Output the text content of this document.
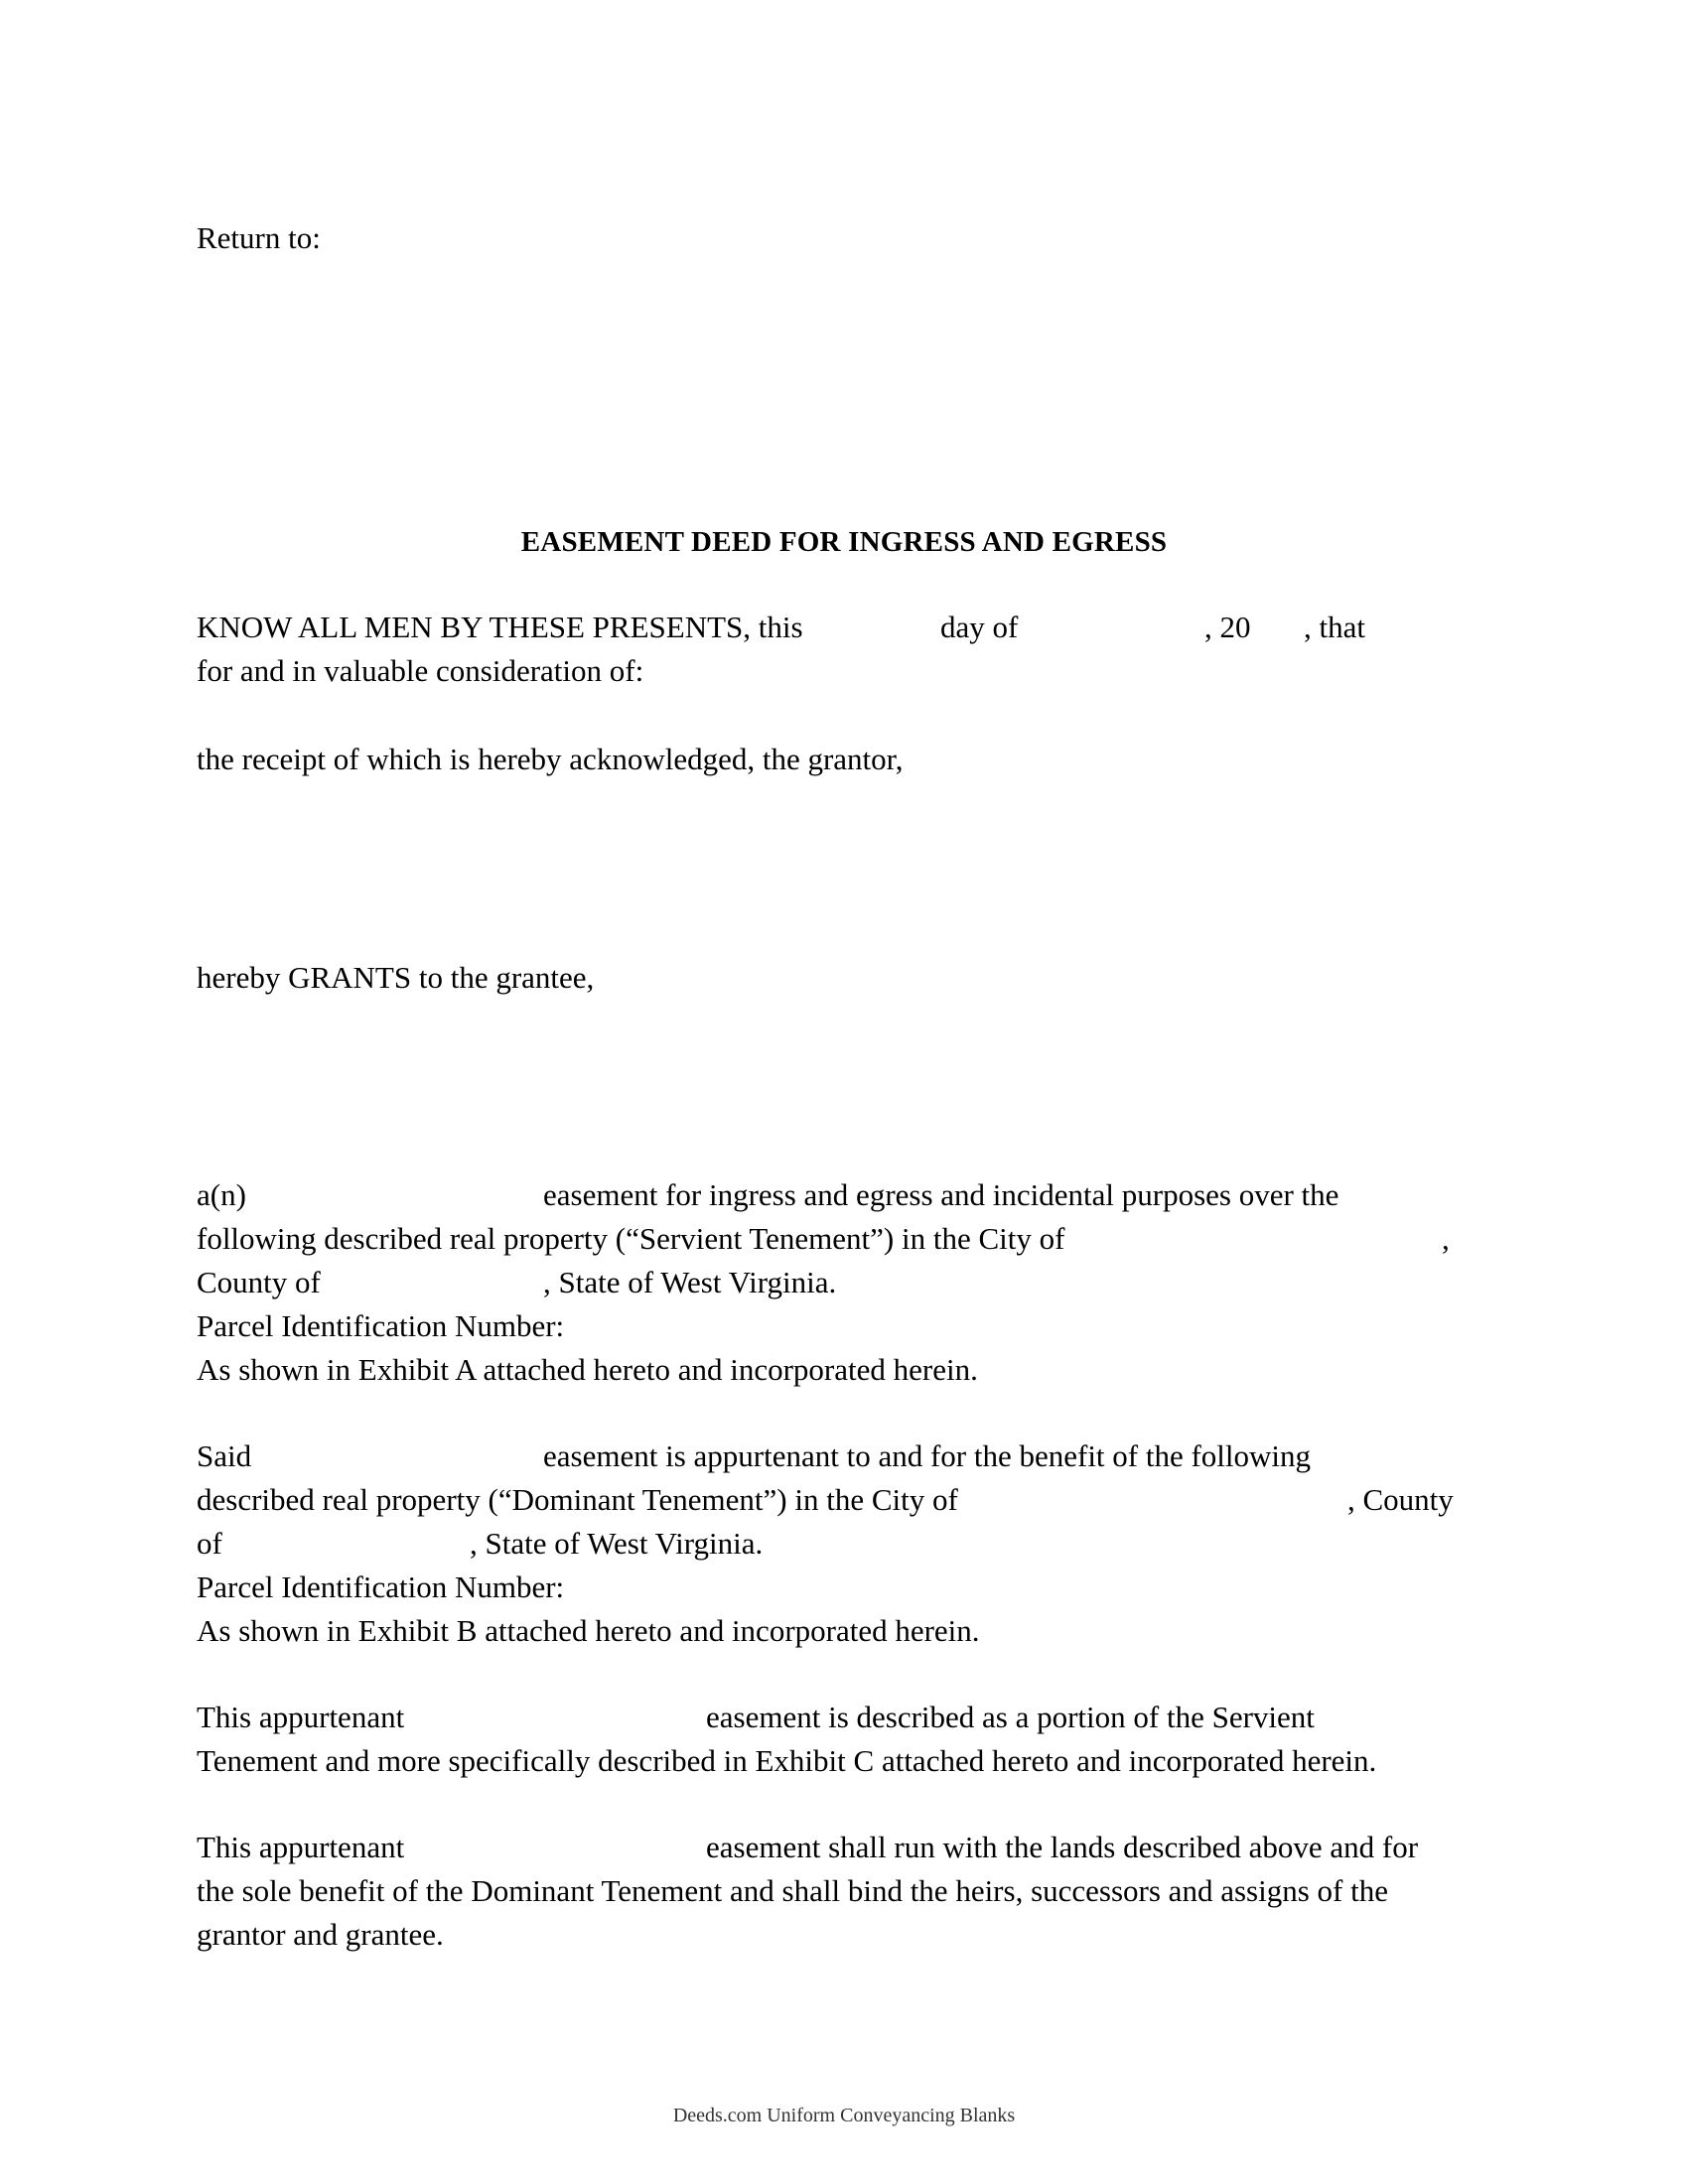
Return to:

EASEMENT DEED FOR INGRESS AND EGRESS

KNOW ALL MEN BY THESE PRESENTS, this

	day of

	, 20

, that

for and in valuable consideration of:

the receipt of which is hereby acknowledged, the grantor,

hereby GRANTS to the grantee,

a(n)

	easement for ingress and egress and incidental purposes over the

following described real property (“Servient Tenement”) in the City of

	,

County of

	, State of West Virginia.

Parcel Identification Number:

As shown in Exhibit A attached hereto and incorporated herein.

Said

	easement is appurtenant to and for the benefit of the following

described real property (“Dominant Tenement”) in the City of

	, County

of

	, State of West Virginia.

Parcel Identification Number:

As shown in Exhibit B attached hereto and incorporated herein.

This appurtenant

	easement is described as a portion of the Servient

Tenement and more specifically described in Exhibit C attached hereto and incorporated herein.

This appurtenant

	easement shall run with the lands described above and for

the sole benefit of the Dominant Tenement and shall bind the heirs, successors and assigns of the

grantor and grantee.

Deeds.com Uniform Conveyancing Blanks
